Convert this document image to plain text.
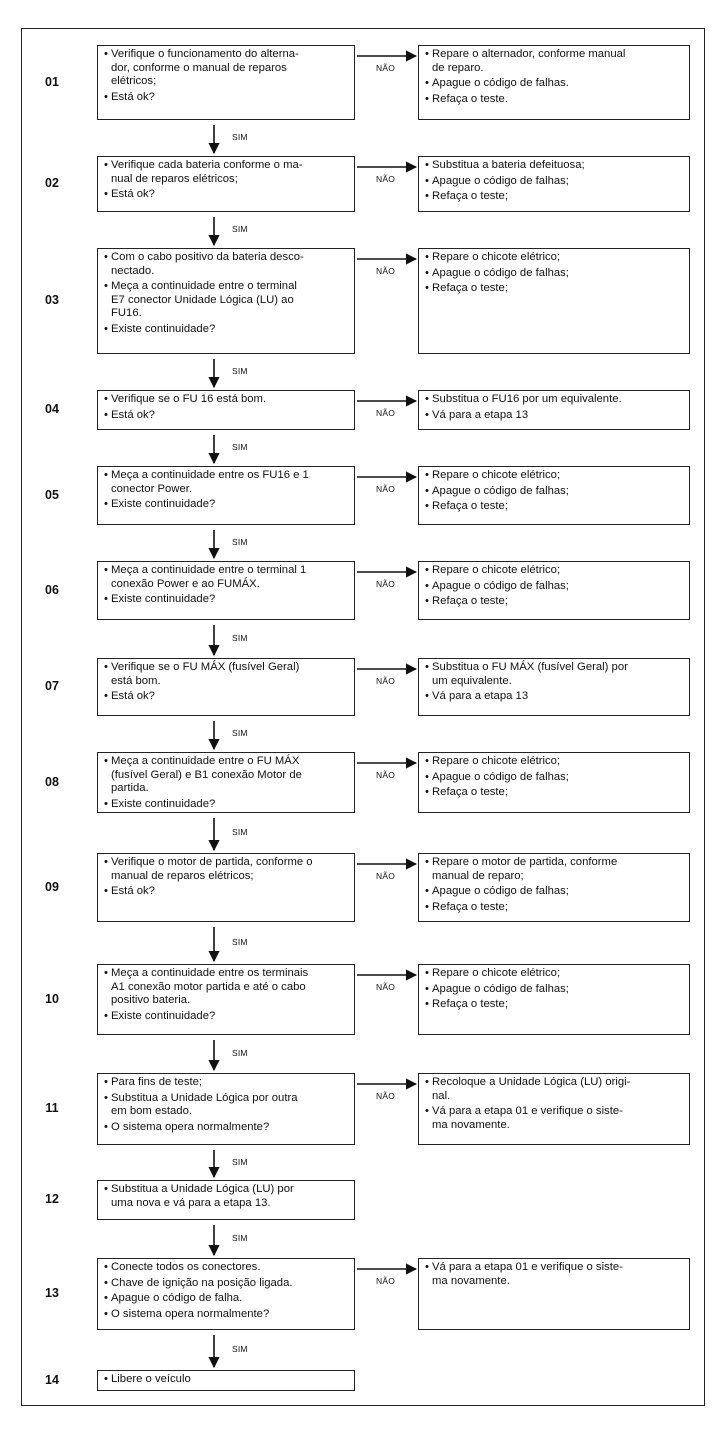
01
• Verifique o funcionamento do alterna-
dor, conforme o manual de reparos
elétricos;
• Está ok?
• Repare o alternador, conforme manual
de reparo.
• Apague o código de falhas.
• Refaça o teste.
NÃO
SIM
02
• Verifique cada bateria conforme o ma-
nual de reparos elétricos;
• Está ok?
• Substitua a bateria defeituosa;
• Apague o código de falhas;
• Refaça o teste;
NÃO
SIM
03
• Com o cabo positivo da bateria desco-
nectado.
• Meça a continuidade entre o terminal
E7 conector Unidade Lógica (LU) ao
FU16.
• Existe continuidade?
• Repare o chicote elétrico;
• Apague o código de falhas;
• Refaça o teste;
NÃO
SIM
04
• Verifique se o FU 16 está bom.
• Está ok?
• Substitua o FU16 por um equivalente.
• Vá para a etapa 13
NÃO
SIM
05
• Meça a continuidade entre os FU16 e 1
conector Power.
• Existe continuidade?
• Repare o chicote elétrico;
• Apague o código de falhas;
• Refaça o teste;
NÃO
SIM
06
• Meça a continuidade entre o terminal 1
conexão Power e ao FUMÁX.
• Existe continuidade?
• Repare o chicote elétrico;
• Apague o código de falhas;
• Refaça o teste;
NÃO
SIM
07
• Verifique se o FU MÁX (fusível Geral)
está bom.
• Está ok?
• Substitua o FU MÁX (fusível Geral) por
um equivalente.
• Vá para a etapa 13
NÃO
SIM
08
• Meça a continuidade entre o FU MÁX
(fusível Geral) e B1 conexão Motor de
partida.
• Existe continuidade?
• Repare o chicote elétrico;
• Apague o código de falhas;
• Refaça o teste;
NÃO
SIM
09
• Verifique o motor de partida, conforme o
manual de reparos elétricos;
• Está ok?
• Repare o motor de partida, conforme
manual de reparo;
• Apague o código de falhas;
• Refaça o teste;
NÃO
SIM
10
• Meça a continuidade entre os terminais
A1 conexão motor partida e até o cabo
positivo bateria.
• Existe continuidade?
• Repare o chicote elétrico;
• Apague o código de falhas;
• Refaça o teste;
NÃO
SIM
11
• Para fins de teste;
• Substitua a Unidade Lógica por outra
em bom estado.
• O sistema opera normalmente?
• Recoloque a Unidade Lógica (LU) origi-
nal.
• Vá para a etapa 01 e verifique o siste-
ma novamente.
NÃO
SIM
12
• Substitua a Unidade Lógica (LU) por
uma nova e vá para a etapa 13.
SIM
13
• Conecte todos os conectores.
• Chave de ignição na posição ligada.
• Apague o código de falha.
• O sistema opera normalmente?
• Vá para a etapa 01 e verifique o siste-
ma novamente.
NÃO
SIM
14
•	Libere o veículo
